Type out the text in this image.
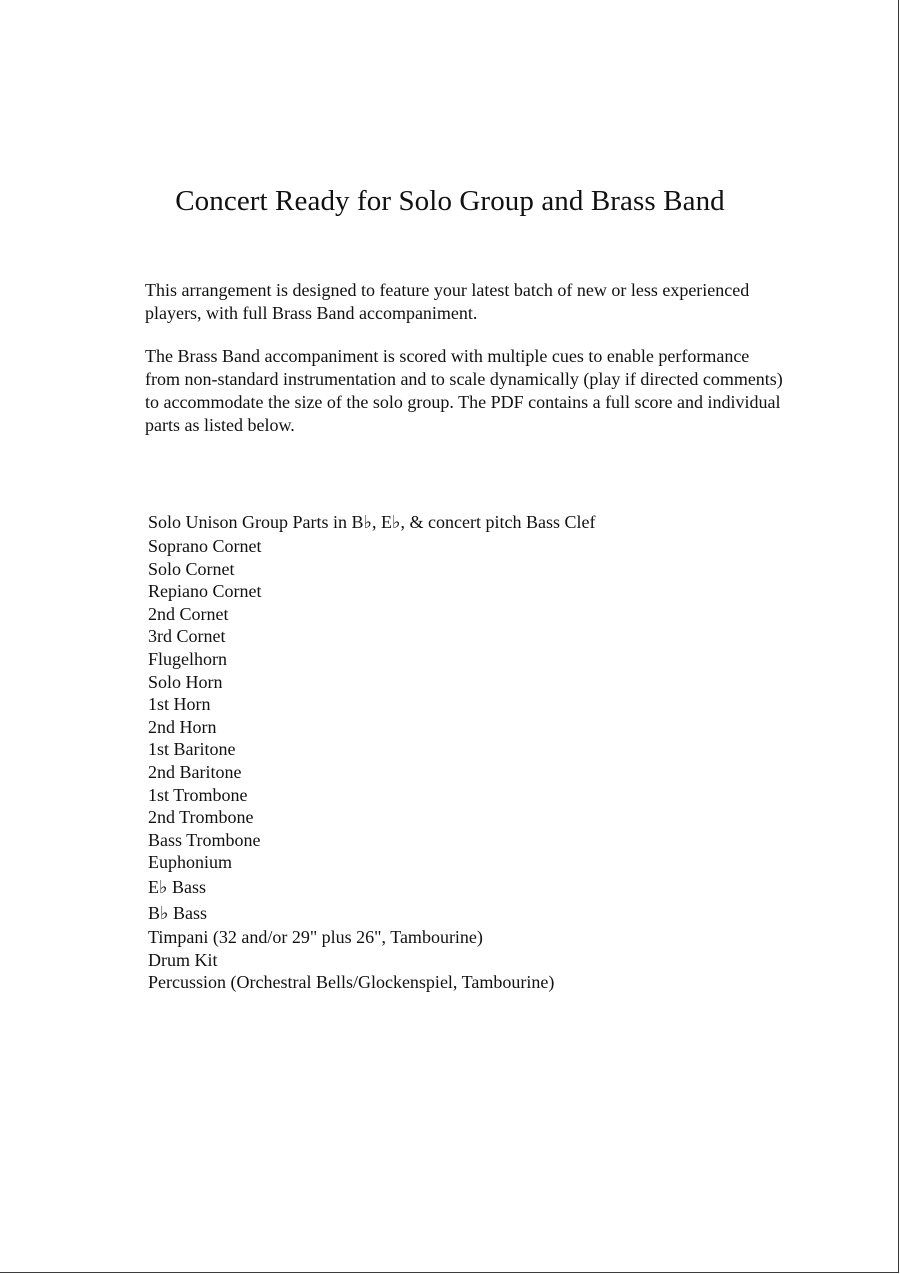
Concert Ready for Solo Group and Brass Band

This arrangement is designed to feature your latest batch of new or less experienced players, with full Brass Band accompaniment.

The Brass Band accompaniment is scored with multiple cues to enable performance from non-standard instrumentation and to scale dynamically (play if directed comments) to accommodate the size of the solo group. The PDF contains a full score and individual parts as listed below.

Solo Unison Group Parts in B♭, E♭, & concert pitch Bass Clef
Soprano Cornet
Solo Cornet
Repiano Cornet
2nd Cornet
3rd Cornet
Flugelhorn
Solo Horn
1st Horn
2nd Horn
1st Baritone
2nd Baritone
1st Trombone
2nd Trombone
Bass Trombone
Euphonium
E♭ Bass
B♭ Bass
Timpani (32 and/or 29" plus 26", Tambourine)
Drum Kit
Percussion (Orchestral Bells/Glockenspiel, Tambourine)
